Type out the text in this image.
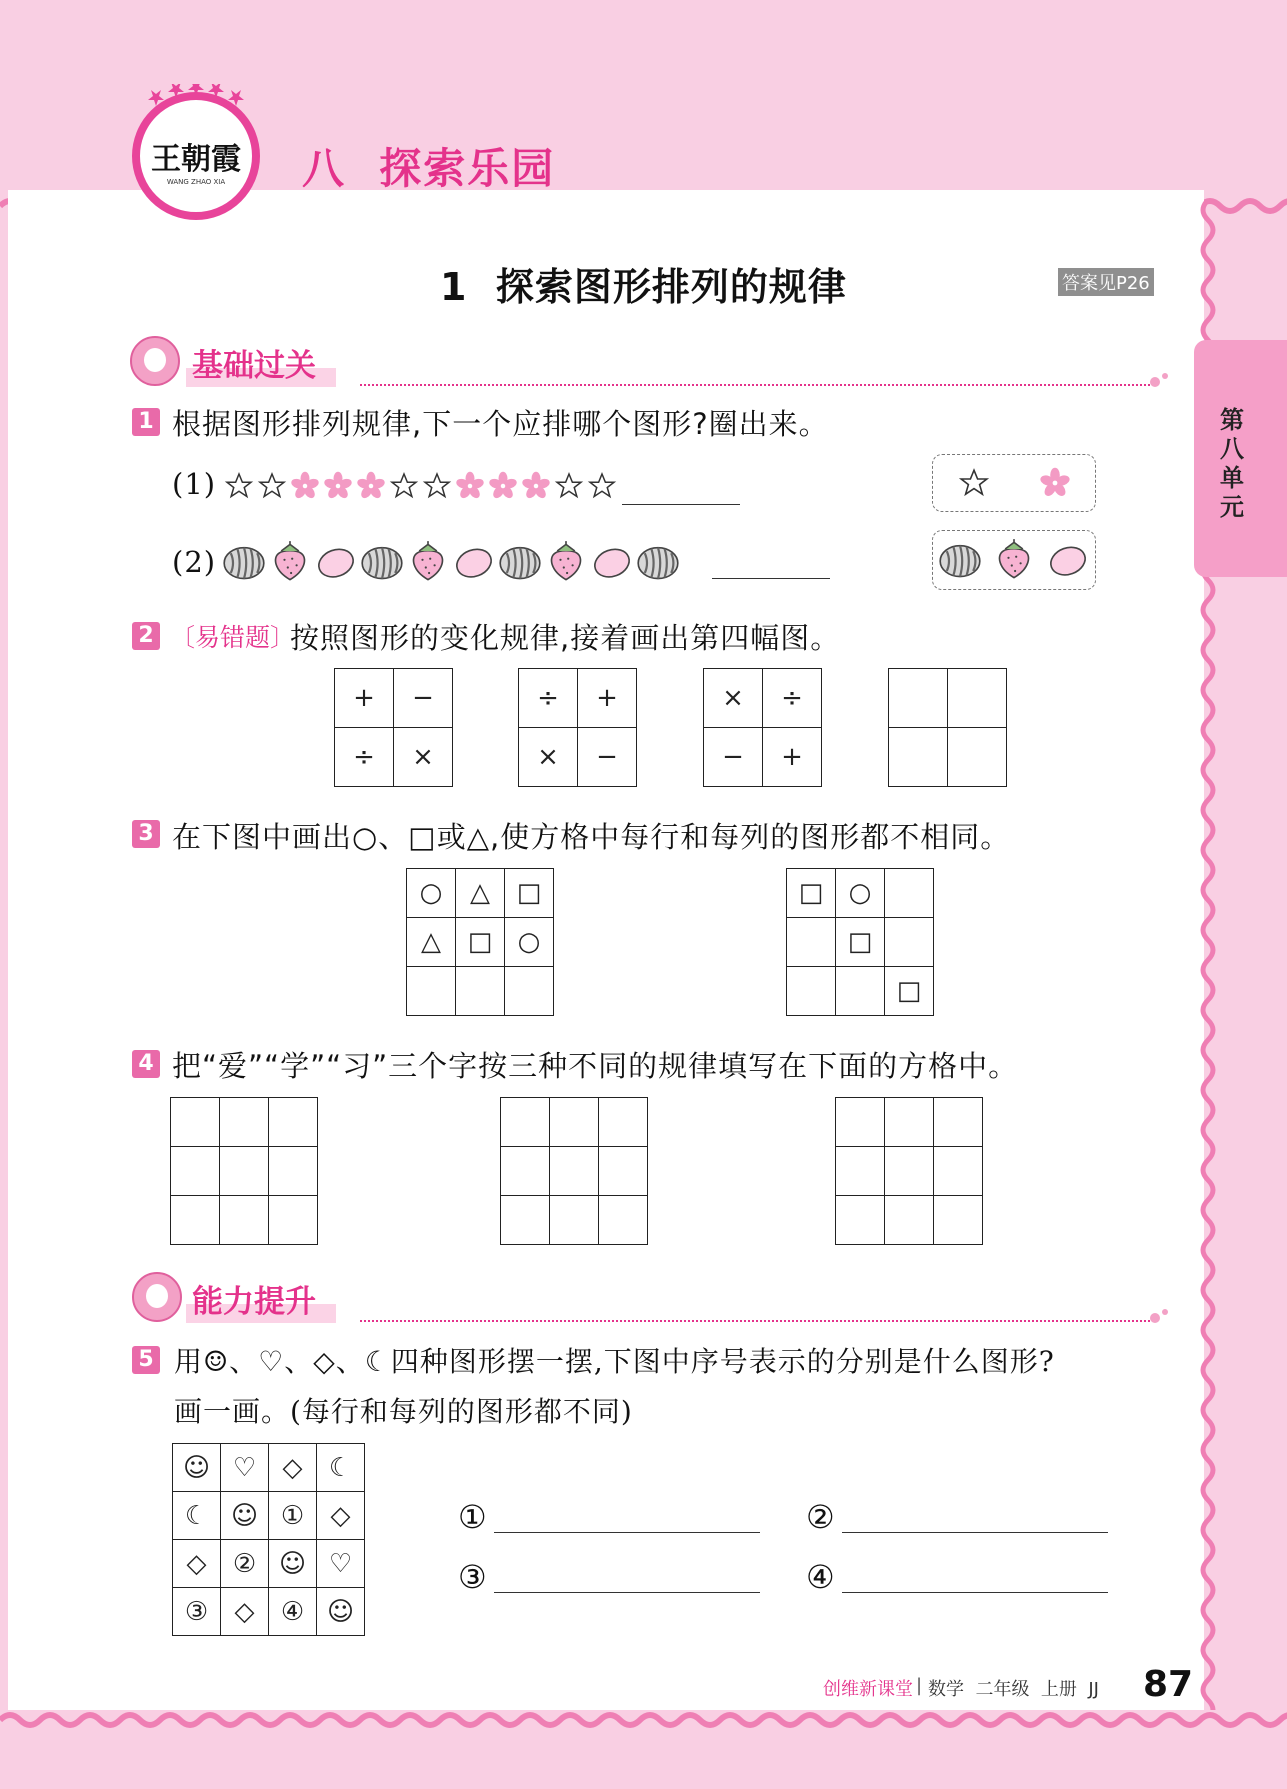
王朝霞
WANG ZHAO XIA	八  探索乐园
1  探索图形排列的规律	答案见P26
第八单元
基础过关
1 根据图形排列规律,下一个应排哪个图形?圈出来。
(1)
(2)
2 〔易错题〕
按照图形的变化规律,接着画出第四幅图。
+	−
÷	×
÷	+
×	−
×	÷
−	+

3 在下图中画出○、□或△,使方格中每行和每列的图形都不相同。
○	△	□
△	□	○

□	○	
	□	
		□
4 把“爱”“学”“习”三个字按三种不同的规律填写在下面的方格中。

能力提升
5 用☺、♡、◇、☾四种图形摆一摆,下图中序号表示的分别是什么图形?
画一画。(每行和每列的图形都不同)
☺	♡	◇	☾
☾	☺	①	◇
◇	②	☺	♡
③	◇	④	☺
①	②
③	④
创维新课堂 | 数学  二年级  上册  JJ 87
